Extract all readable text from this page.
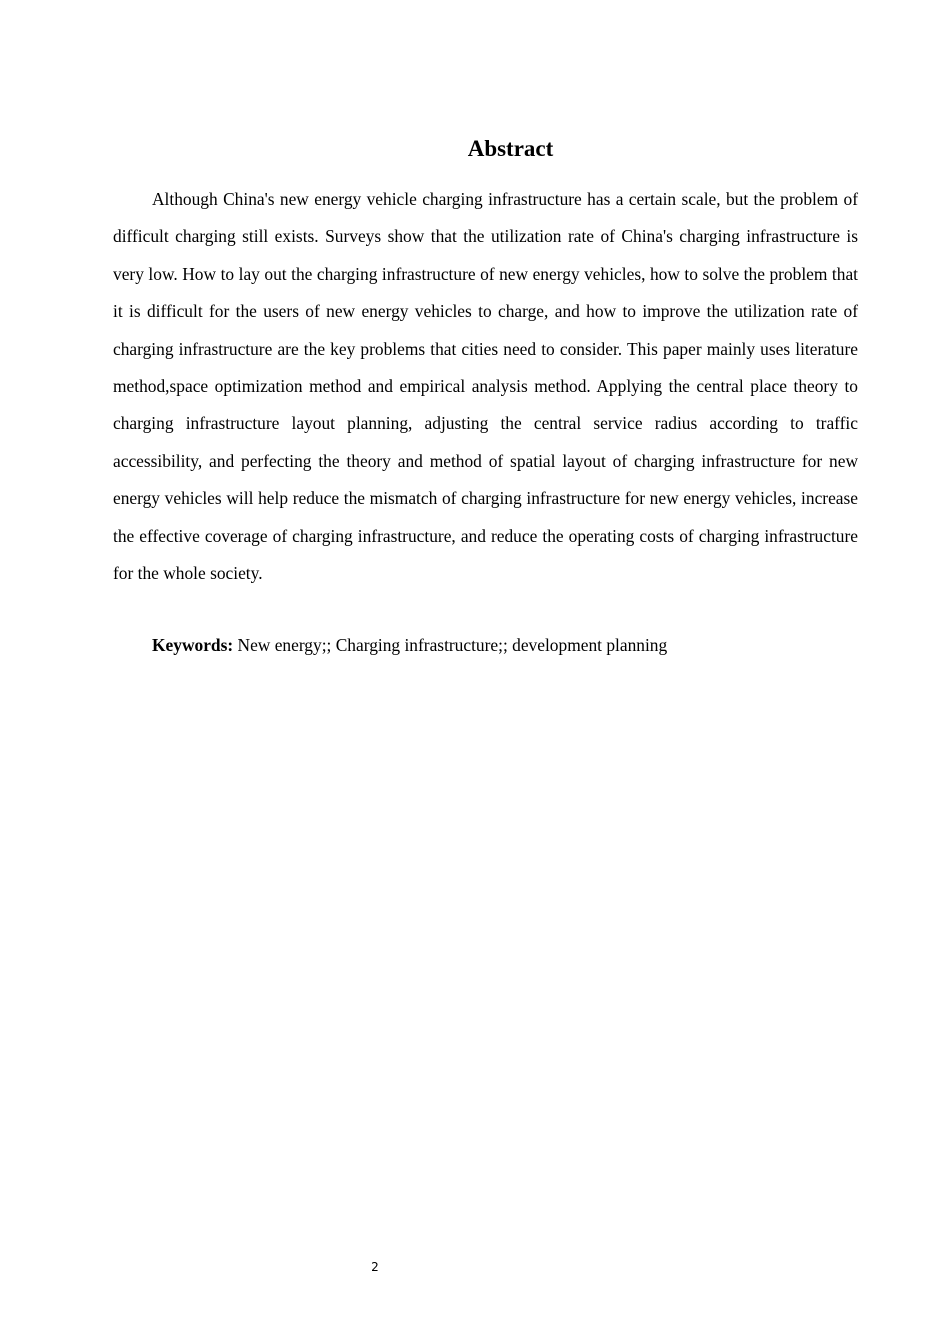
Abstract

Although China's new energy vehicle charging infrastructure has a certain scale, but the problem of difficult charging still exists. Surveys show that the utilization rate of China's charging infrastructure is very low. How to lay out the charging infrastructure of new energy vehicles, how to solve the problem that it is difficult for the users of new energy vehicles to charge, and how to improve the utilization rate of charging infrastructure are the key problems that cities need to consider. This paper mainly uses literature method,space optimization method and empirical analysis method. Applying the central place theory to charging infrastructure layout planning, adjusting the central service radius according to traffic accessibility, and perfecting the theory and method of spatial layout of charging infrastructure for new energy vehicles will help reduce the mismatch of charging infrastructure for new energy vehicles, increase the effective coverage of charging infrastructure, and reduce the operating costs of charging infrastructure for the whole society.

Keywords: New energy;; Charging infrastructure;; development planning

2
